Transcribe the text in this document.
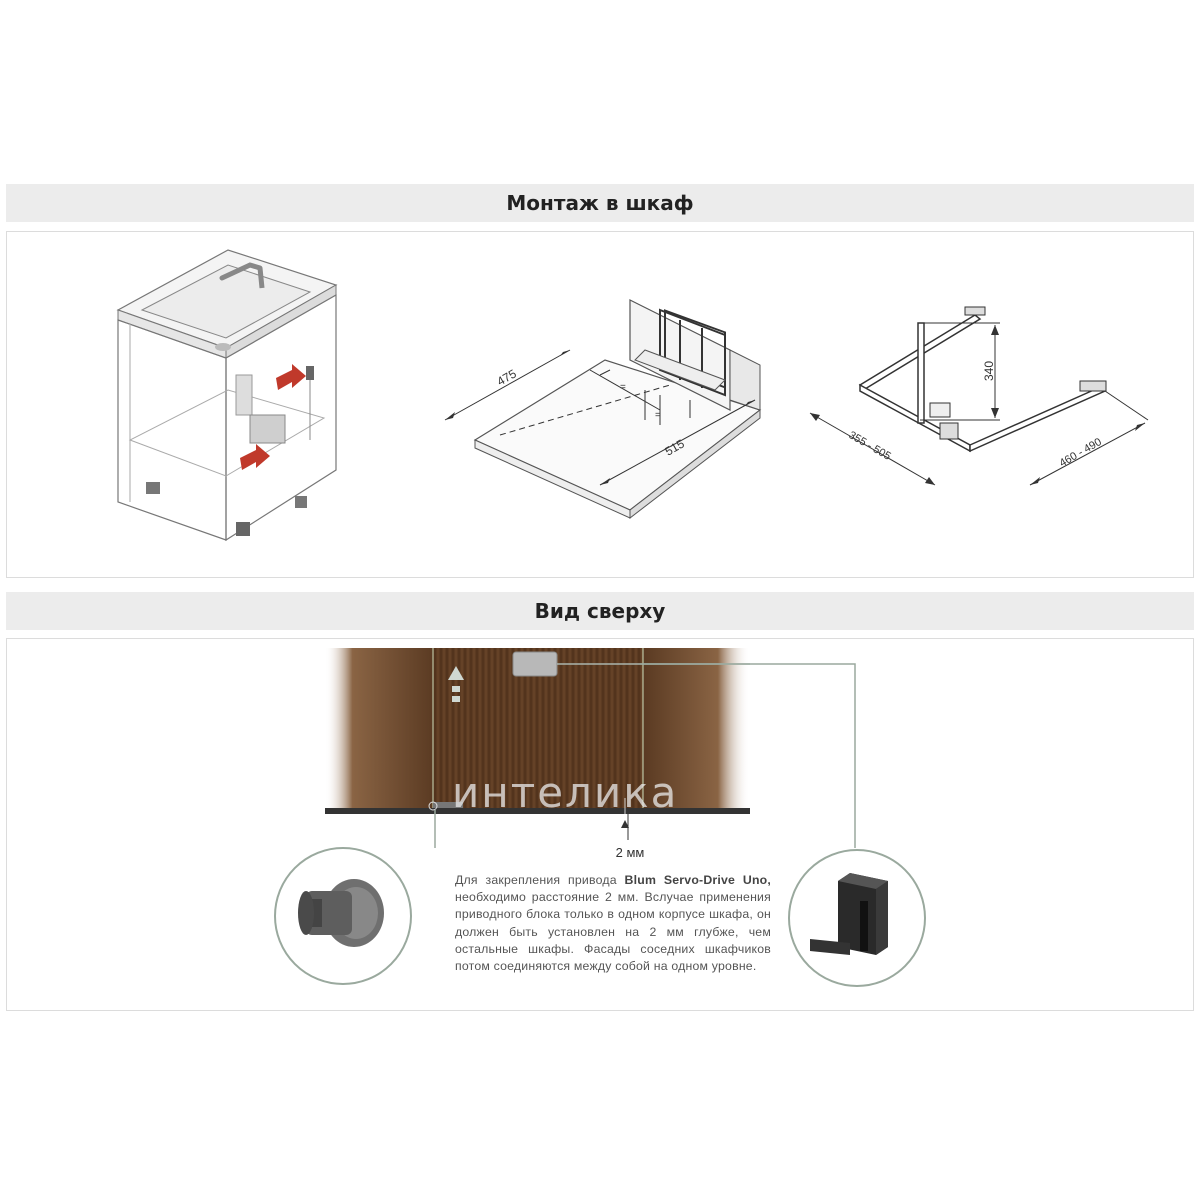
Монтаж в шкаф
475	=
=
515
340
355 - 505	460 - 490
Вид сверху
интелика
2 мм
Для закрепления привода Blum Servo-Drive Uno, необходимо расстояние 2 мм. Вслучае применения приводного блока только в одном корпусе шкафа, он должен быть установлен на 2 мм глубже, чем остальные шкафы. Фасады соседних шкафчиков потом соединяются между собой на одном уровне.
